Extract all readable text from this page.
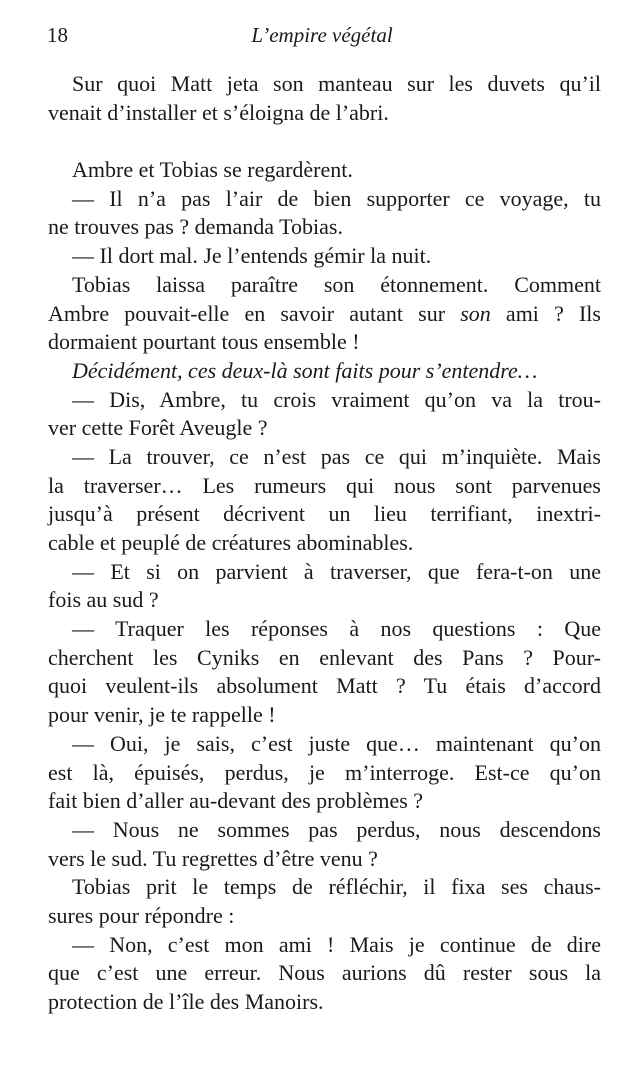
18	L’empire végétal
Sur quoi Matt jeta son manteau sur les duvets qu’il
venait d’installer et s’éloigna de l’abri.
Ambre et Tobias se regardèrent.
— Il n’a pas l’air de bien supporter ce voyage, tu
ne trouves pas ? demanda Tobias.
— Il dort mal. Je l’entends gémir la nuit.
Tobias laissa paraître son étonnement. Comment
Ambre pouvait-elle en savoir autant sur son ami ? Ils
dormaient pourtant tous ensemble !
Décidément, ces deux-là sont faits pour s’entendre…
— Dis, Ambre, tu crois vraiment qu’on va la trou-
ver cette Forêt Aveugle ?
— La trouver, ce n’est pas ce qui m’inquiète. Mais
la traverser… Les rumeurs qui nous sont parvenues
jusqu’à présent décrivent un lieu terrifiant, inextri-
cable et peuplé de créatures abominables.
— Et si on parvient à traverser, que fera-t-on une
fois au sud ?
— Traquer les réponses à nos questions : Que
cherchent les Cyniks en enlevant des Pans ? Pour-
quoi veulent-ils absolument Matt ? Tu étais d’accord
pour venir, je te rappelle !
— Oui, je sais, c’est juste que… maintenant qu’on
est là, épuisés, perdus, je m’interroge. Est-ce qu’on
fait bien d’aller au-devant des problèmes ?
— Nous ne sommes pas perdus, nous descendons
vers le sud. Tu regrettes d’être venu ?
Tobias prit le temps de réfléchir, il fixa ses chaus-
sures pour répondre :
— Non, c’est mon ami ! Mais je continue de dire
que c’est une erreur. Nous aurions dû rester sous la
protection de l’île des Manoirs.
